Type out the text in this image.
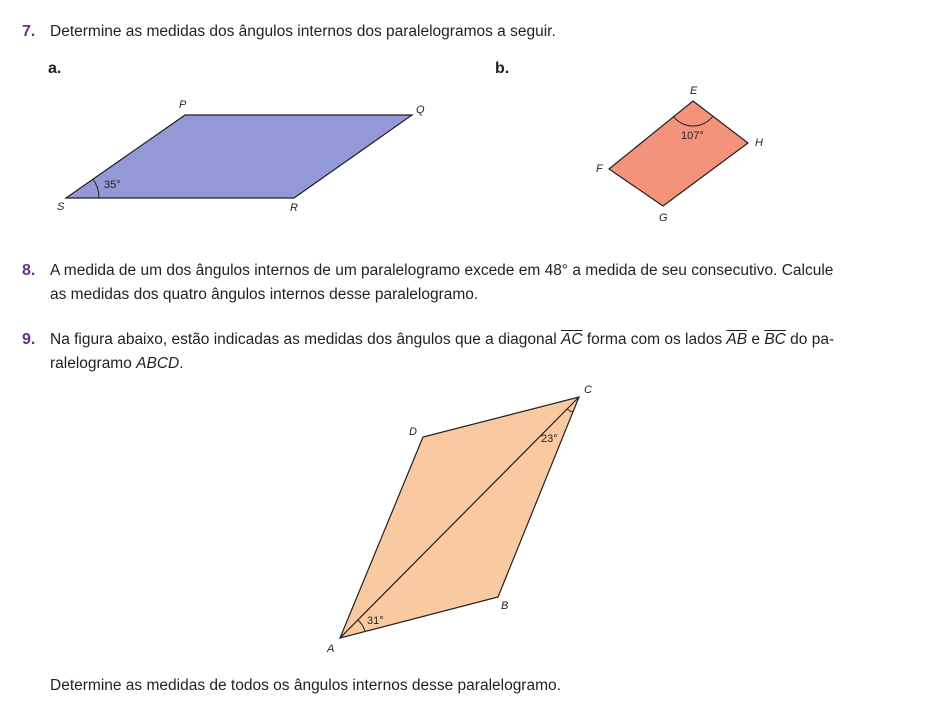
7. Determine as medidas dos ângulos internos dos paralelogramos a seguir.
a.	b.
35°
P	Q
R
S
107°
E
F
G
H
31°
23°
A
B
C
D
8. A medida de um dos ângulos internos de um paralelogramo excede em 48° a medida de seu consecutivo. Calcule
as medidas dos quatro ângulos internos desse paralelogramo.
9. Na figura abaixo, estão indicadas as medidas dos ângulos que a diagonal $\overline{AC}$ forma com os lados $\overline{AB}$ e $\overline{BC}$ do pa-
ralelogramo ABCD.
Determine as medidas de todos os ângulos internos desse paralelogramo.
